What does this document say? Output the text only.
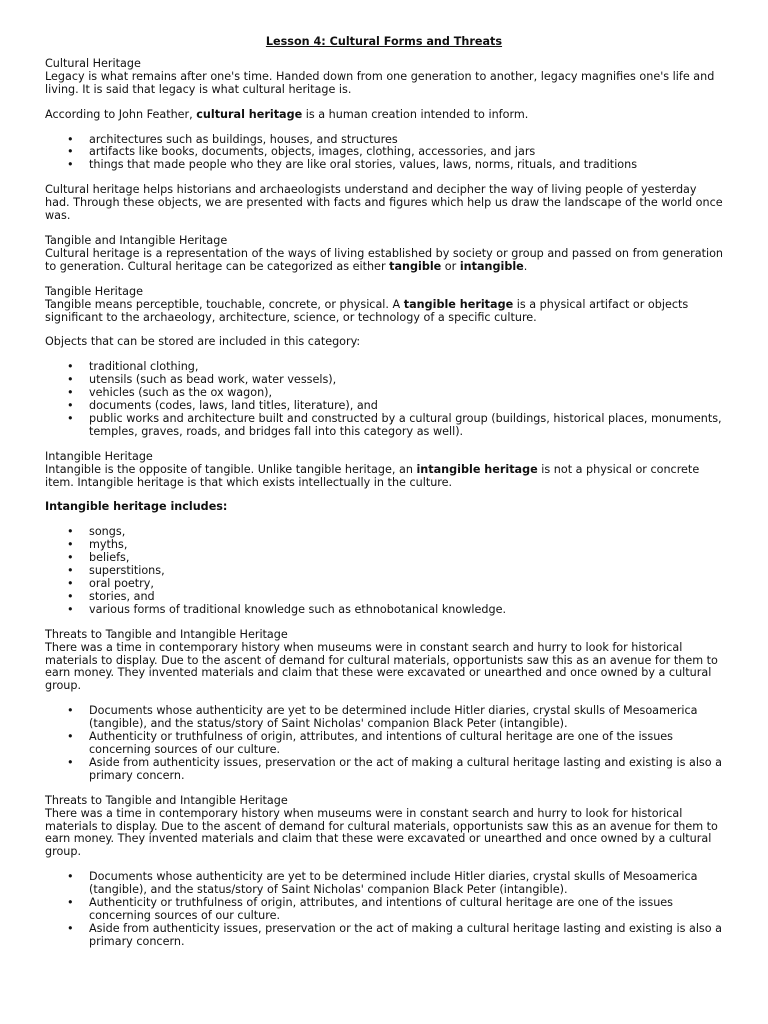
Lesson 4: Cultural Forms and Threats
Cultural Heritage
Legacy is what remains after one's time. Handed down from one generation to another, legacy magnifies one's life and living. It is said that legacy is what cultural heritage is.

According to John Feather, cultural heritage is a human creation intended to inform.

• architectures such as buildings, houses, and structures
• artifacts like books, documents, objects, images, clothing, accessories, and jars
• things that made people who they are like oral stories, values, laws, norms, rituals, and traditions

Cultural heritage helps historians and archaeologists understand and decipher the way of living people of yesterday had. Through these objects, we are presented with facts and figures which help us draw the landscape of the world once was.

Tangible and Intangible Heritage
Cultural heritage is a representation of the ways of living established by society or group and passed on from generation to generation. Cultural heritage can be categorized as either tangible or intangible.
Tangible Heritage
Tangible means perceptible, touchable, concrete, or physical. A tangible heritage is a physical artifact or objects significant to the archaeology, architecture, science, or technology of a specific culture.

Objects that can be stored are included in this category:

• traditional clothing,
• utensils (such as bead work, water vessels),
• vehicles (such as the ox wagon),
• documents (codes, laws, land titles, literature), and
• public works and architecture built and constructed by a cultural group (buildings, historical places, monuments, temples, graves, roads, and bridges fall into this category as well).
Intangible Heritage
Intangible is the opposite of tangible. Unlike tangible heritage, an intangible heritage is not a physical or concrete item. Intangible heritage is that which exists intellectually in the culture.
Intangible heritage includes:
• songs,
• myths,
• beliefs,
• superstitions,
• oral poetry,
• stories, and
• various forms of traditional knowledge such as ethnobotanical knowledge.
Threats to Tangible and Intangible Heritage
There was a time in contemporary history when museums were in constant search and hurry to look for historical materials to display. Due to the ascent of demand for cultural materials, opportunists saw this as an avenue for them to earn money. They invented materials and claim that these were excavated or unearthed and once owned by a cultural group.
• Documents whose authenticity are yet to be determined include Hitler diaries, crystal skulls of Mesoamerica (tangible), and the status/story of Saint Nicholas' companion Black Peter (intangible).
• Authenticity or truthfulness of origin, attributes, and intentions of cultural heritage are one of the issues concerning sources of our culture.
• Aside from authenticity issues, preservation or the act of making a cultural heritage lasting and existing is also a primary concern.
Threats to Tangible and Intangible Heritage
There was a time in contemporary history when museums were in constant search and hurry to look for historical materials to display. Due to the ascent of demand for cultural materials, opportunists saw this as an avenue for them to earn money. They invented materials and claim that these were excavated or unearthed and once owned by a cultural group.
• Documents whose authenticity are yet to be determined include Hitler diaries, crystal skulls of Mesoamerica (tangible), and the status/story of Saint Nicholas' companion Black Peter (intangible).
• Authenticity or truthfulness of origin, attributes, and intentions of cultural heritage are one of the issues concerning sources of our culture.
• Aside from authenticity issues, preservation or the act of making a cultural heritage lasting and existing is also a primary concern.
